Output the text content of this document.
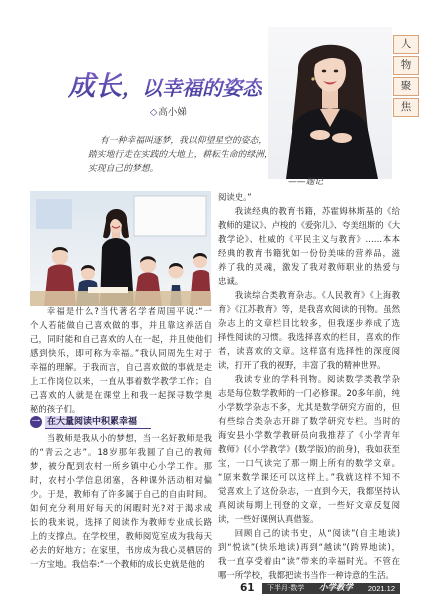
成长，以幸福的姿态
◇高小娣
人
物
聚
焦
有一种幸福叫逐梦，我以仰望星空的姿态，
踏实地行走在实践的大地上，耕耘生命的绿洲，
实现自己的梦想。
——题记
幸福是什么?当代著名学者周国平说:“一
个人若能做自己喜欢做的事，并且靠这养活自
己，同时能和自己喜欢的人在一起，并且使他们
感到快乐，即可称为幸福。”我认同周先生对于
幸福的理解。于我而言，自己喜欢做的事就是走
上工作岗位以来，一直从事着数学教学工作；自
己喜欢的人就是在课堂上和我一起探寻数学奥
秘的孩子们。
一 在大量阅读中积累幸福
当教师是我从小的梦想，当一名好教师是我
的“青云之志”。18岁那年我圆了自己的教师
梦，被分配到农村一所乡镇中心小学工作。那
时，农村小学信息闭塞，各种课外活动相对偏
少。于是，教师有了许多属于自己的自由时间。
如何充分利用好每天的闲暇时光?对于渴求成
长的我来说，选择了阅读作为教师专业成长路
上的支撑点。在学校里，教师阅览室成为我每天
必去的好地方；在家里，书房成为我心灵栖居的
一方宝地。我信奉:“一个教师的成长史就是他的
阅读史。”
我读经典的教育书籍，苏霍姆林斯基的《给
教师的建议》、卢梭的《爱弥儿》、夸美纽斯的《大
教学论》、杜威的《平民主义与教育》……本本
经典的教育书籍犹如一份份美味的营养品，滋
养了我的灵魂，激发了我对教师职业的热爱与
忠诚。
我读综合类教育杂志。《人民教育》《上海教
育》《江苏教育》等，是我喜欢阅读的刊物。虽然
杂志上的文章栏目比较多，但我逐步养成了选
择性阅读的习惯。我选择喜欢的栏目，喜欢的作
者，读喜欢的文章。这样富有选择性的深度阅
读，打开了我的视野，丰富了我的精神世界。
我读专业的学科刊物。阅读数学类教学杂
志是每位数学教师的一门必修课。20多年前，纯
小学数学杂志不多，尤其是数学研究方面的，但
有些综合类杂志开辟了数学研究专栏。当时的
海安县小学数学教研员向我推荐了《小学青年
教师》(《小学教学》(数学版)的前身)，我如获至
宝，一口气读完了那一期上所有的数学文章。
“原来数学课还可以这样上。”我就这样不知不
觉喜欢上了这份杂志，一直到今天，我都坚持认
真阅读每期上刊登的文章，一些好文章反复阅
读，一些好课例认真借鉴。
回顾自己的读书史，从“阅读”(自主地读)
到“悦读”(快乐地读)再到“越读”(跨界地读)，
我一直享受着由“读”带来的幸福时光。不管在
哪一所学校，我都把读书当作一种诗意的生活。
61 下半月·数学 小学教学 2021.12
